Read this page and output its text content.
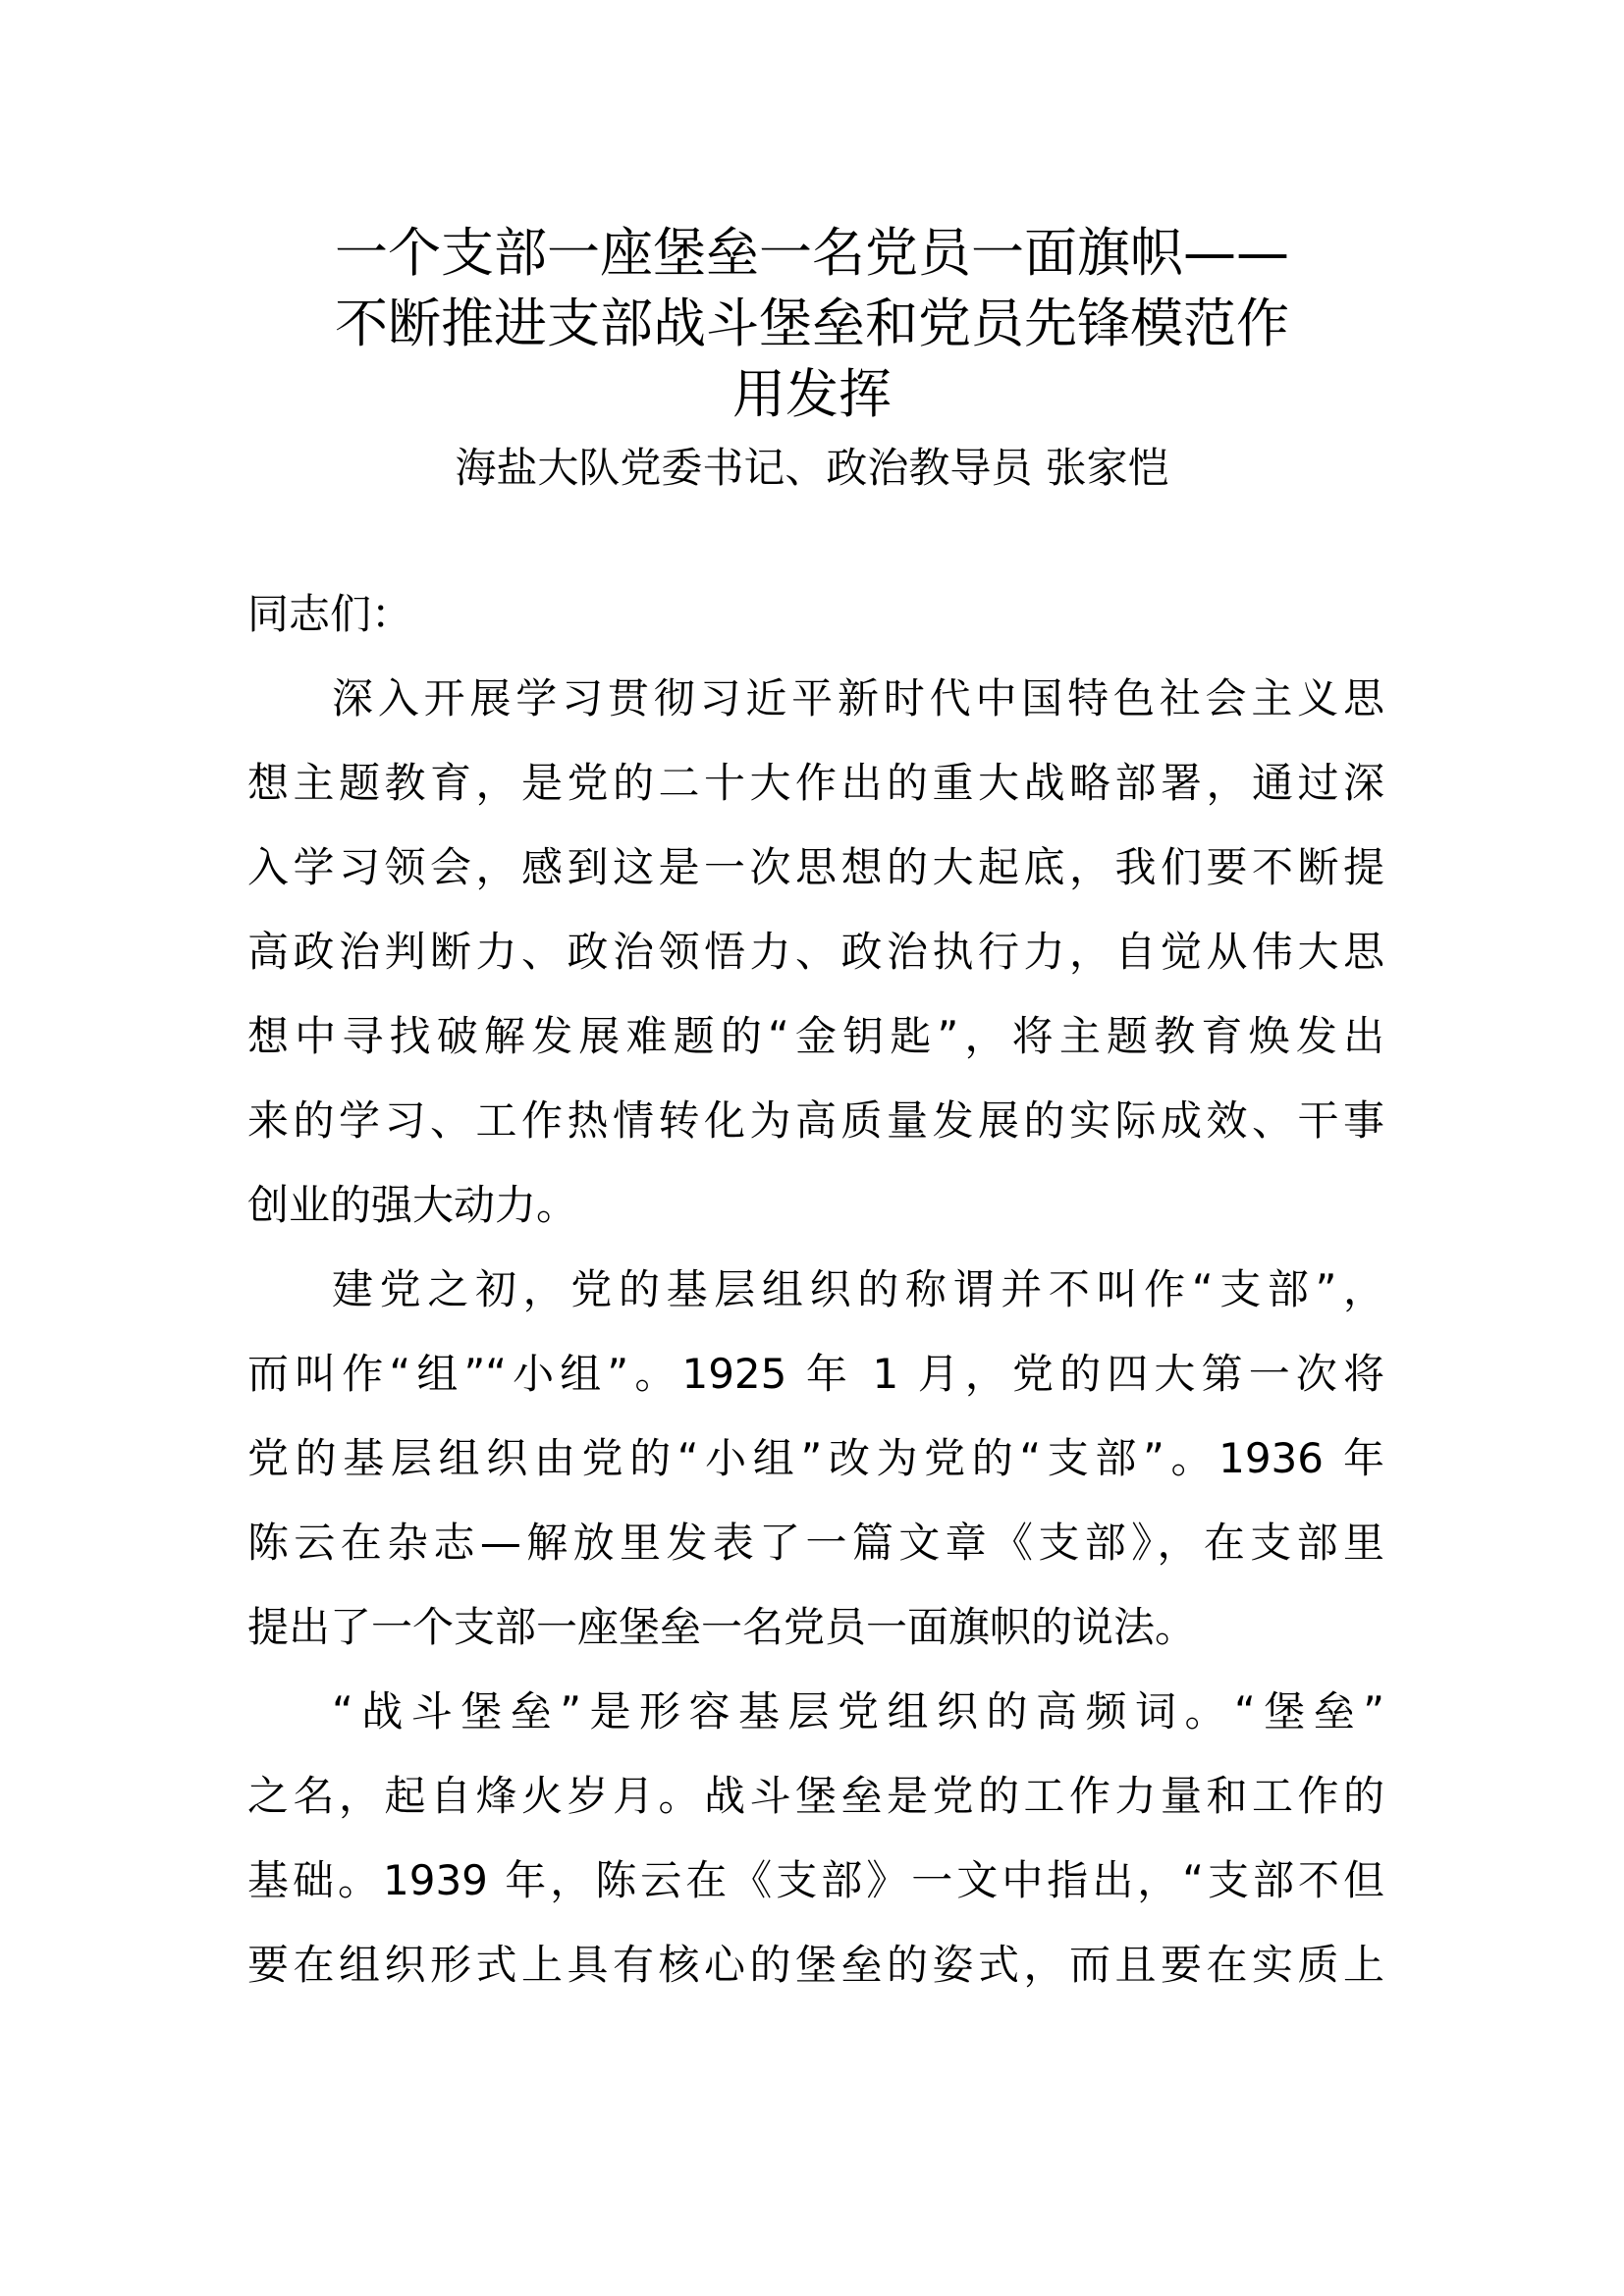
一个支部一座堡垒一名党员一面旗帜——
不断推进支部战斗堡垒和党员先锋模范作
用发挥
海盐大队党委书记、政治教导员 张家恺
同志们：
深入开展学习贯彻习近平新时代中国特色社会主义思
想主题教育，是党的二十大作出的重大战略部署，通过深
入学习领会，感到这是一次思想的大起底，我们要不断提
高政治判断力、政治领悟力、政治执行力，自觉从伟大思
想中寻找破解发展难题的“金钥匙”，将主题教育焕发出
来的学习、工作热情转化为高质量发展的实际成效、干事
创业的强大动力。
建党之初，党的基层组织的称谓并不叫作“支部”，
而叫作“组”“小组”。1925 年 1 月，党的四大第一次将
党的基层组织由党的“小组”改为党的“支部”。1936 年
陈云在杂志—解放里发表了一篇文章《支部》，在支部里
提出了一个支部一座堡垒一名党员一面旗帜的说法。
“战斗堡垒”是形容基层党组织的高频词。“堡垒”
之名，起自烽火岁月。战斗堡垒是党的工作力量和工作的
基础。1939 年，陈云在《支部》一文中指出，“支部不但
要在组织形式上具有核心的堡垒的姿式，而且要在实质上
